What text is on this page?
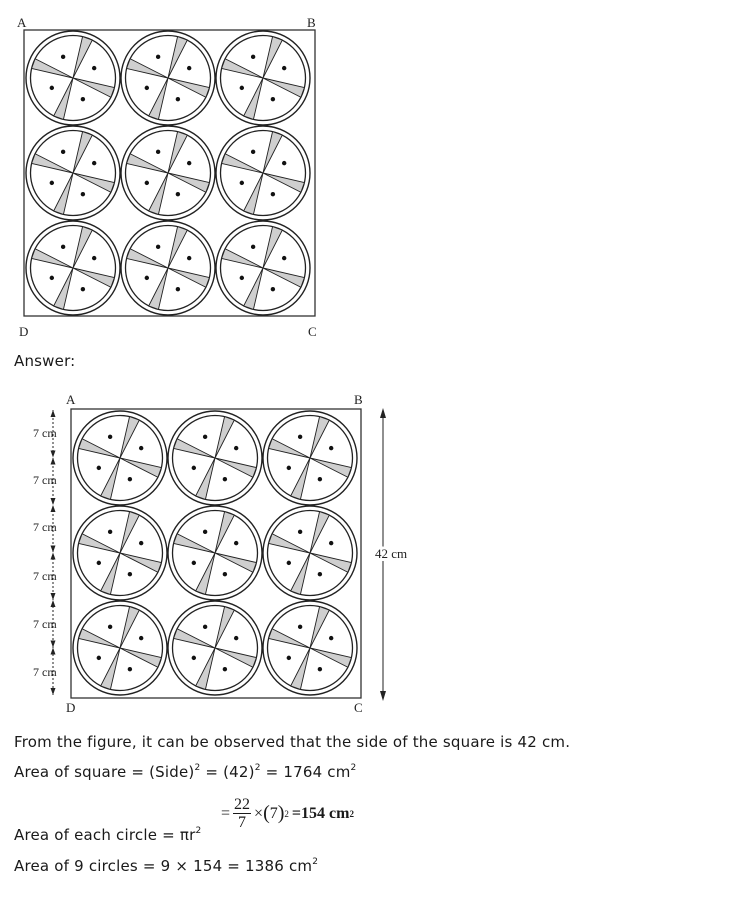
A	B
D	C
Answer:
A	B
D	C
7 cm
7 cm
7 cm
7 cm
7 cm
7 cm
42 cm
From the figure, it can be observed that the side of the square is 42 cm.
Area of square = (Side)$^2$ = $(42)^2 = 1764$ $cm^2$
= $\frac{22}{7}$ × ( 7 ) 2 =154 cm 2
Area of each circle = $\pi r^2$
Area of 9 circles = 9 × 154 = 1386 $cm^2$
